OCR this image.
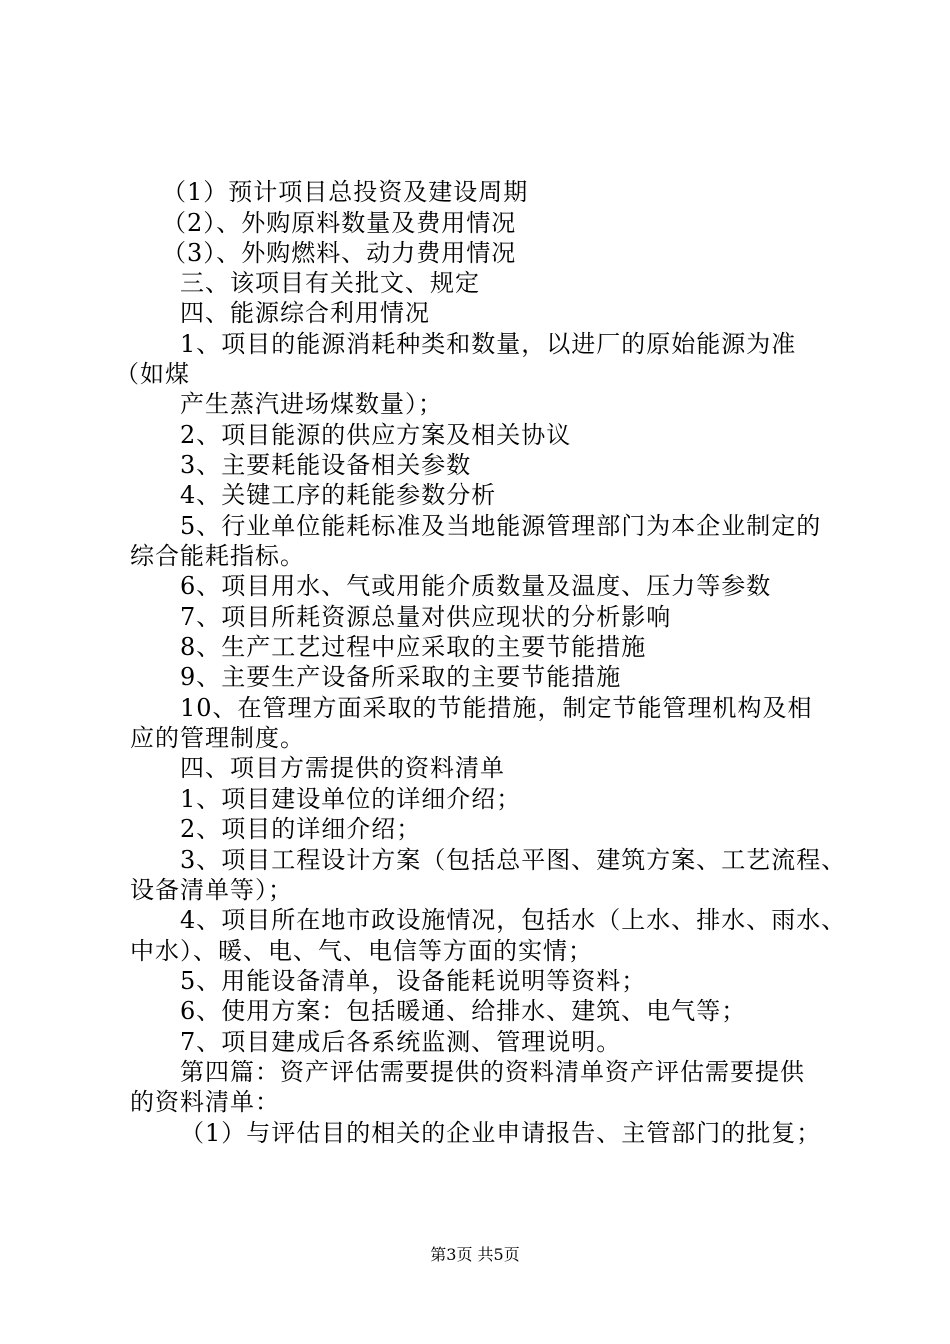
（1）预计项目总投资及建设周期
（2）、外购原料数量及费用情况
（3）、外购燃料、动力费用情况
三、该项目有关批文、规定
四、能源综合利用情况
1、项目的能源消耗种类和数量，以进厂的原始能源为准
（如煤
产生蒸汽进场煤数量）；
2、项目能源的供应方案及相关协议
3、主要耗能设备相关参数
4、关键工序的耗能参数分析
5、行业单位能耗标准及当地能源管理部门为本企业制定的
综合能耗指标。
6、项目用水、气或用能介质数量及温度、压力等参数
7、项目所耗资源总量对供应现状的分析影响
8、生产工艺过程中应采取的主要节能措施
9、主要生产设备所采取的主要节能措施
10、在管理方面采取的节能措施，制定节能管理机构及相
应的管理制度。
四、项目方需提供的资料清单
1、项目建设单位的详细介绍；
2、项目的详细介绍；
3、项目工程设计方案（包括总平图、建筑方案、工艺流程、
设备清单等）；
4、项目所在地市政设施情况，包括水（上水、排水、雨水、
中水）、暖、电、气、电信等方面的实情；
5、用能设备清单，设备能耗说明等资料；
6、使用方案：包括暖通、给排水、建筑、电气等；
7、项目建成后各系统监测、管理说明。
第四篇：资产评估需要提供的资料清单资产评估需要提供
的资料清单：
（1）与评估目的相关的企业申请报告、主管部门的批复；
第3页 共5页
